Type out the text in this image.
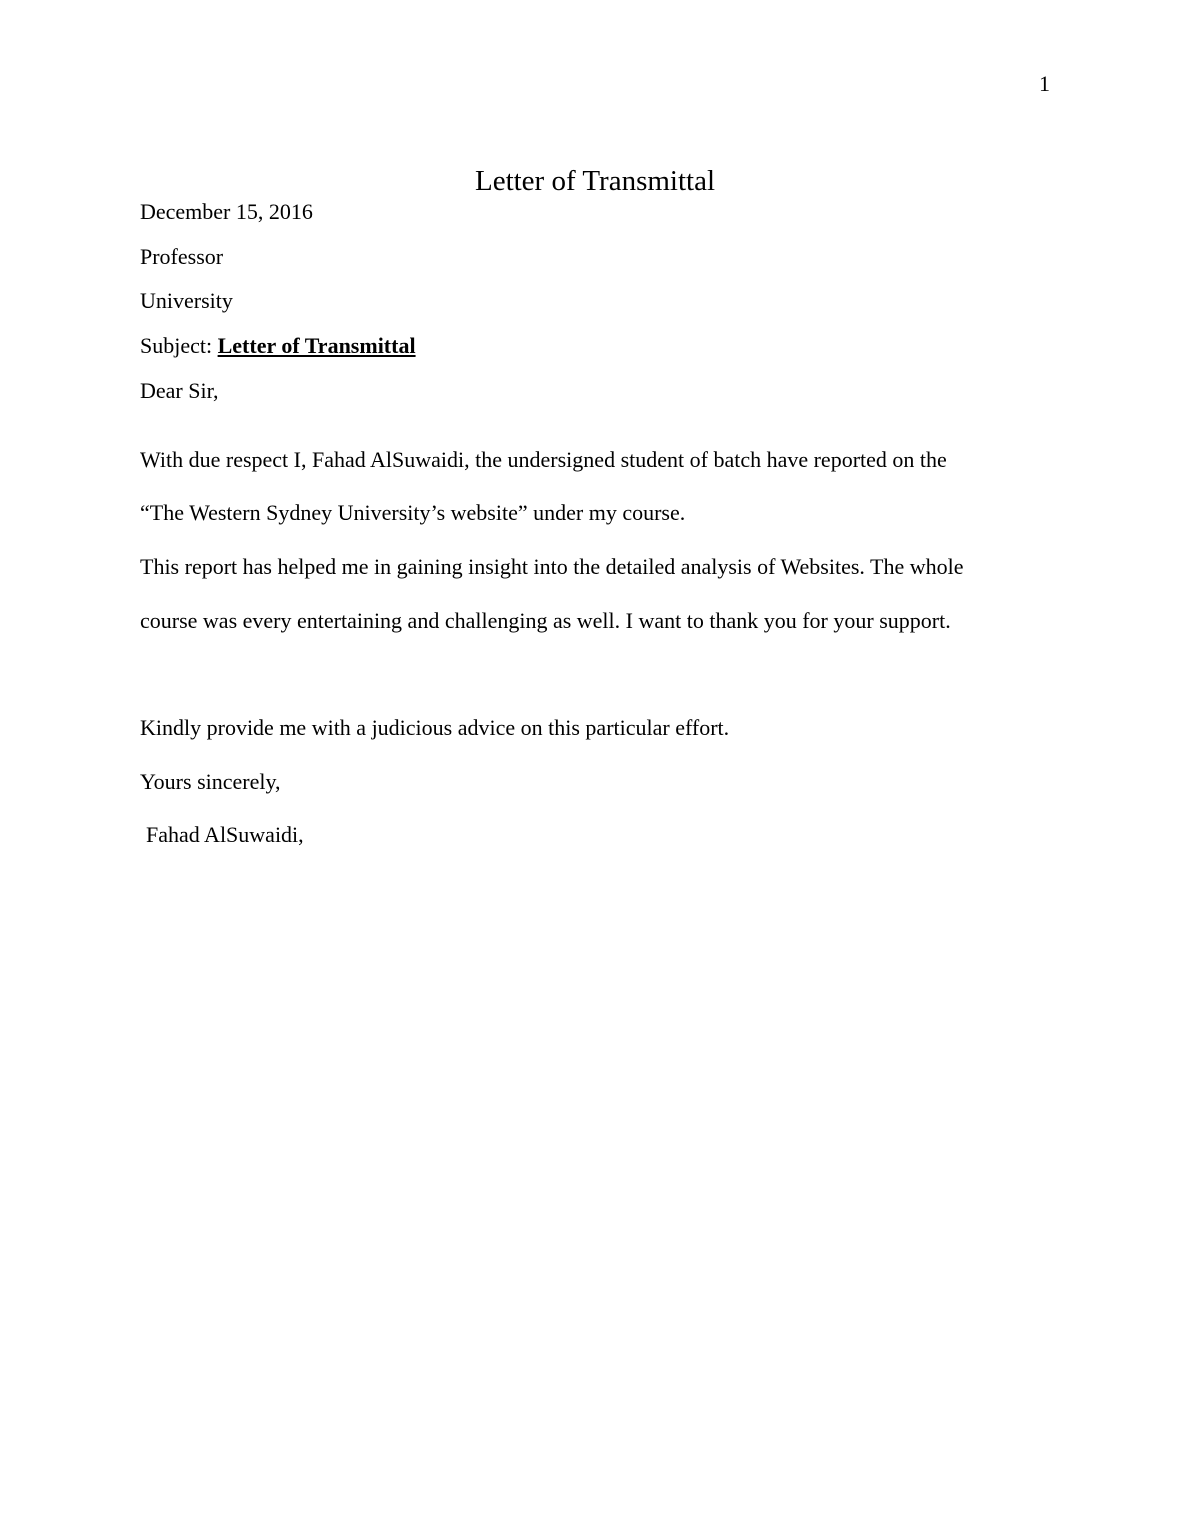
1
Letter of Transmittal
December 15, 2016
Professor
University
Subject: Letter of Transmittal
Dear Sir,
With due respect I, Fahad AlSuwaidi, the undersigned student of batch have reported on the
“The Western Sydney University’s website” under my course.
This report has helped me in gaining insight into the detailed analysis of Websites. The whole
course was every entertaining and challenging as well. I want to thank you for your support.
Kindly provide me with a judicious advice on this particular effort.
Yours sincerely,
Fahad AlSuwaidi,
